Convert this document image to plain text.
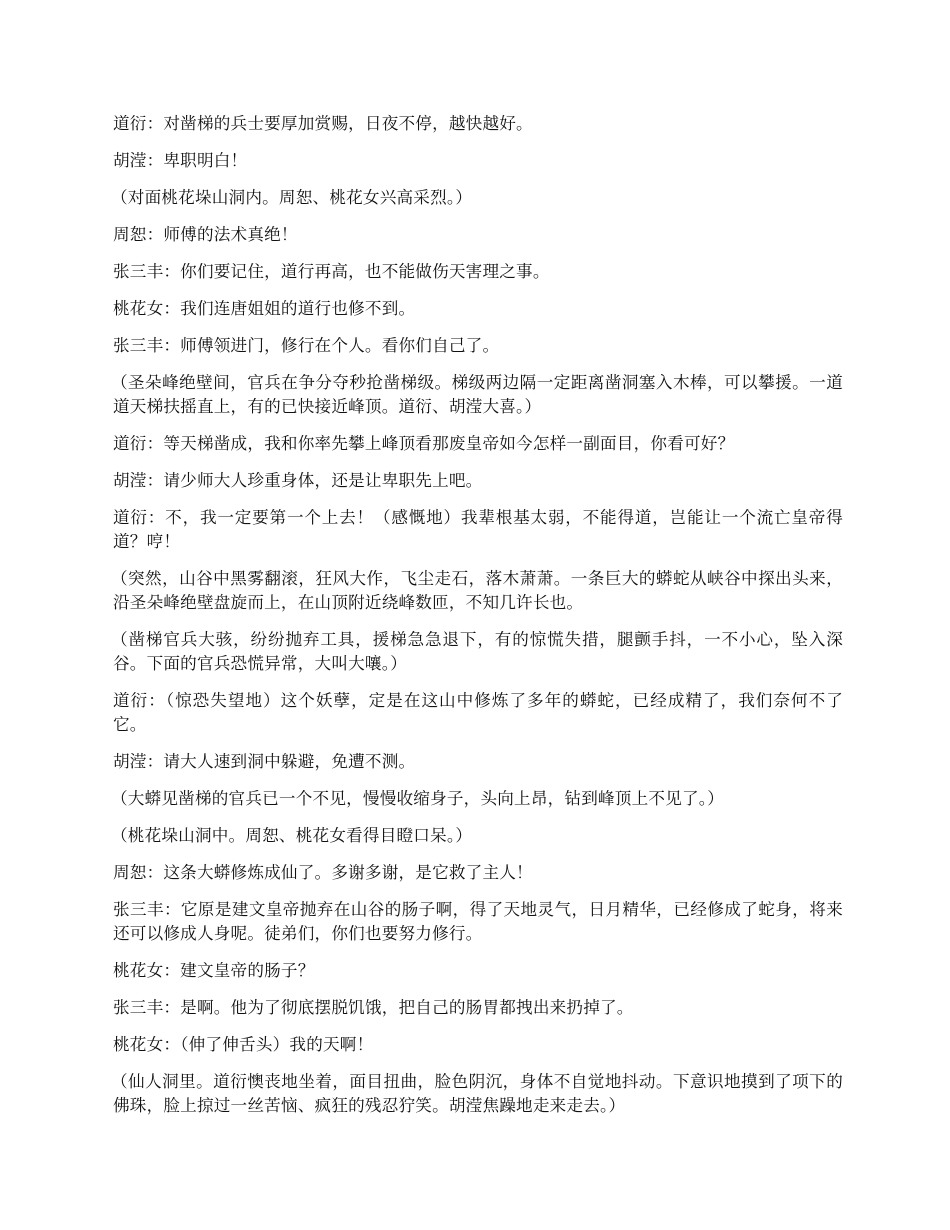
道衍：对凿梯的兵士要厚加赏赐，日夜不停，越快越好。

胡滢：卑职明白！

（对面桃花垛山洞内。周恕、桃花女兴高采烈。）

周恕：师傅的法术真绝！

张三丰：你们要记住，道行再高，也不能做伤天害理之事。

桃花女：我们连唐姐姐的道行也修不到。

张三丰：师傅领进门，修行在个人。看你们自己了。

（圣朵峰绝壁间，官兵在争分夺秒抢凿梯级。梯级两边隔一定距离凿洞塞入木棒，可以攀援。一道道天梯扶摇直上，有的已快接近峰顶。道衍、胡滢大喜。）

道衍：等天梯凿成，我和你率先攀上峰顶看那废皇帝如今怎样一副面目，你看可好？

胡滢：请少师大人珍重身体，还是让卑职先上吧。

道衍：不，我一定要第一个上去！（感慨地）我辈根基太弱，不能得道，岂能让一个流亡皇帝得道？哼！

（突然，山谷中黑雾翻滚，狂风大作，飞尘走石，落木萧萧。一条巨大的蟒蛇从峡谷中探出头来，沿圣朵峰绝壁盘旋而上，在山顶附近绕峰数匝，不知几许长也。

（凿梯官兵大骇，纷纷抛弃工具，援梯急急退下，有的惊慌失措，腿颤手抖，一不小心，坠入深谷。下面的官兵恐慌异常，大叫大嚷。）

道衍：（惊恐失望地）这个妖孽，定是在这山中修炼了多年的蟒蛇，已经成精了，我们奈何不了它。

胡滢：请大人速到洞中躲避，免遭不测。

（大蟒见凿梯的官兵已一个不见，慢慢收缩身子，头向上昂，钻到峰顶上不见了。）

（桃花垛山洞中。周恕、桃花女看得目瞪口呆。）

周恕：这条大蟒修炼成仙了。多谢多谢，是它救了主人！

张三丰：它原是建文皇帝抛弃在山谷的肠子啊，得了天地灵气，日月精华，已经修成了蛇身，将来还可以修成人身呢。徒弟们，你们也要努力修行。

桃花女：建文皇帝的肠子？

张三丰：是啊。他为了彻底摆脱饥饿，把自己的肠胃都拽出来扔掉了。

桃花女：（伸了伸舌头）我的天啊！

（仙人洞里。道衍懊丧地坐着，面目扭曲，脸色阴沉，身体不自觉地抖动。下意识地摸到了项下的佛珠，脸上掠过一丝苦恼、疯狂的残忍狞笑。胡滢焦躁地走来走去。）
